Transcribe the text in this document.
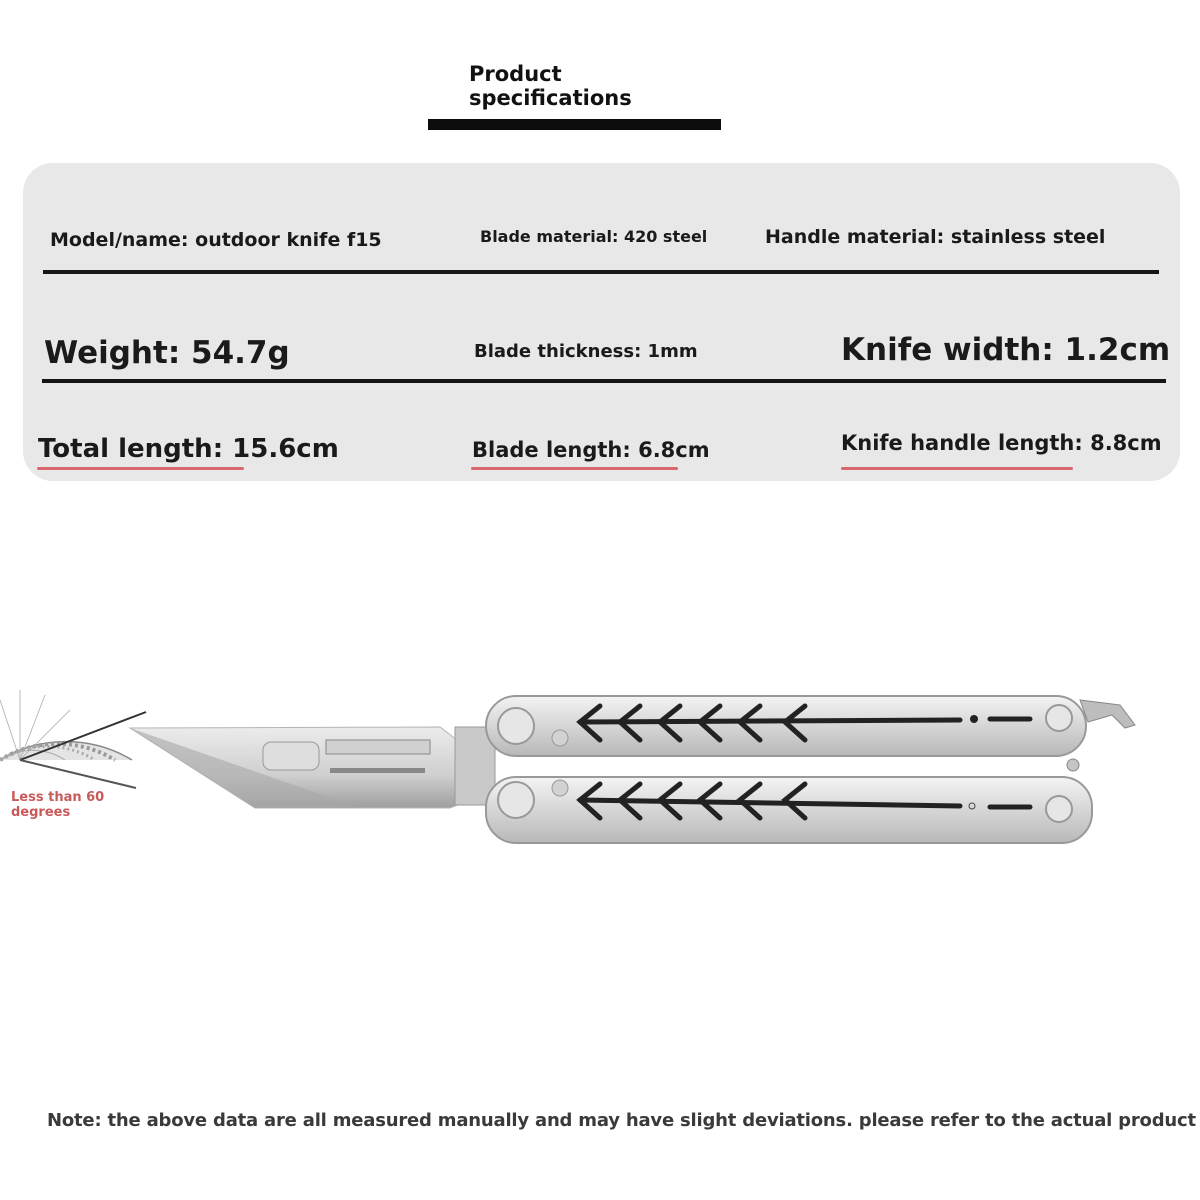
Product
specifications
Model/name: outdoor knife f15	Blade material: 420 steel	Handle material: stainless steel
Weight: 54.7g	Blade thickness: 1mm	Knife width: 1.2cm
Total length: 15.6cm	Blade length: 6.8cm	Knife handle length: 8.8cm
Less than 60
degrees
Note: the above data are all measured manually and may have slight deviations. please refer to the actual product
